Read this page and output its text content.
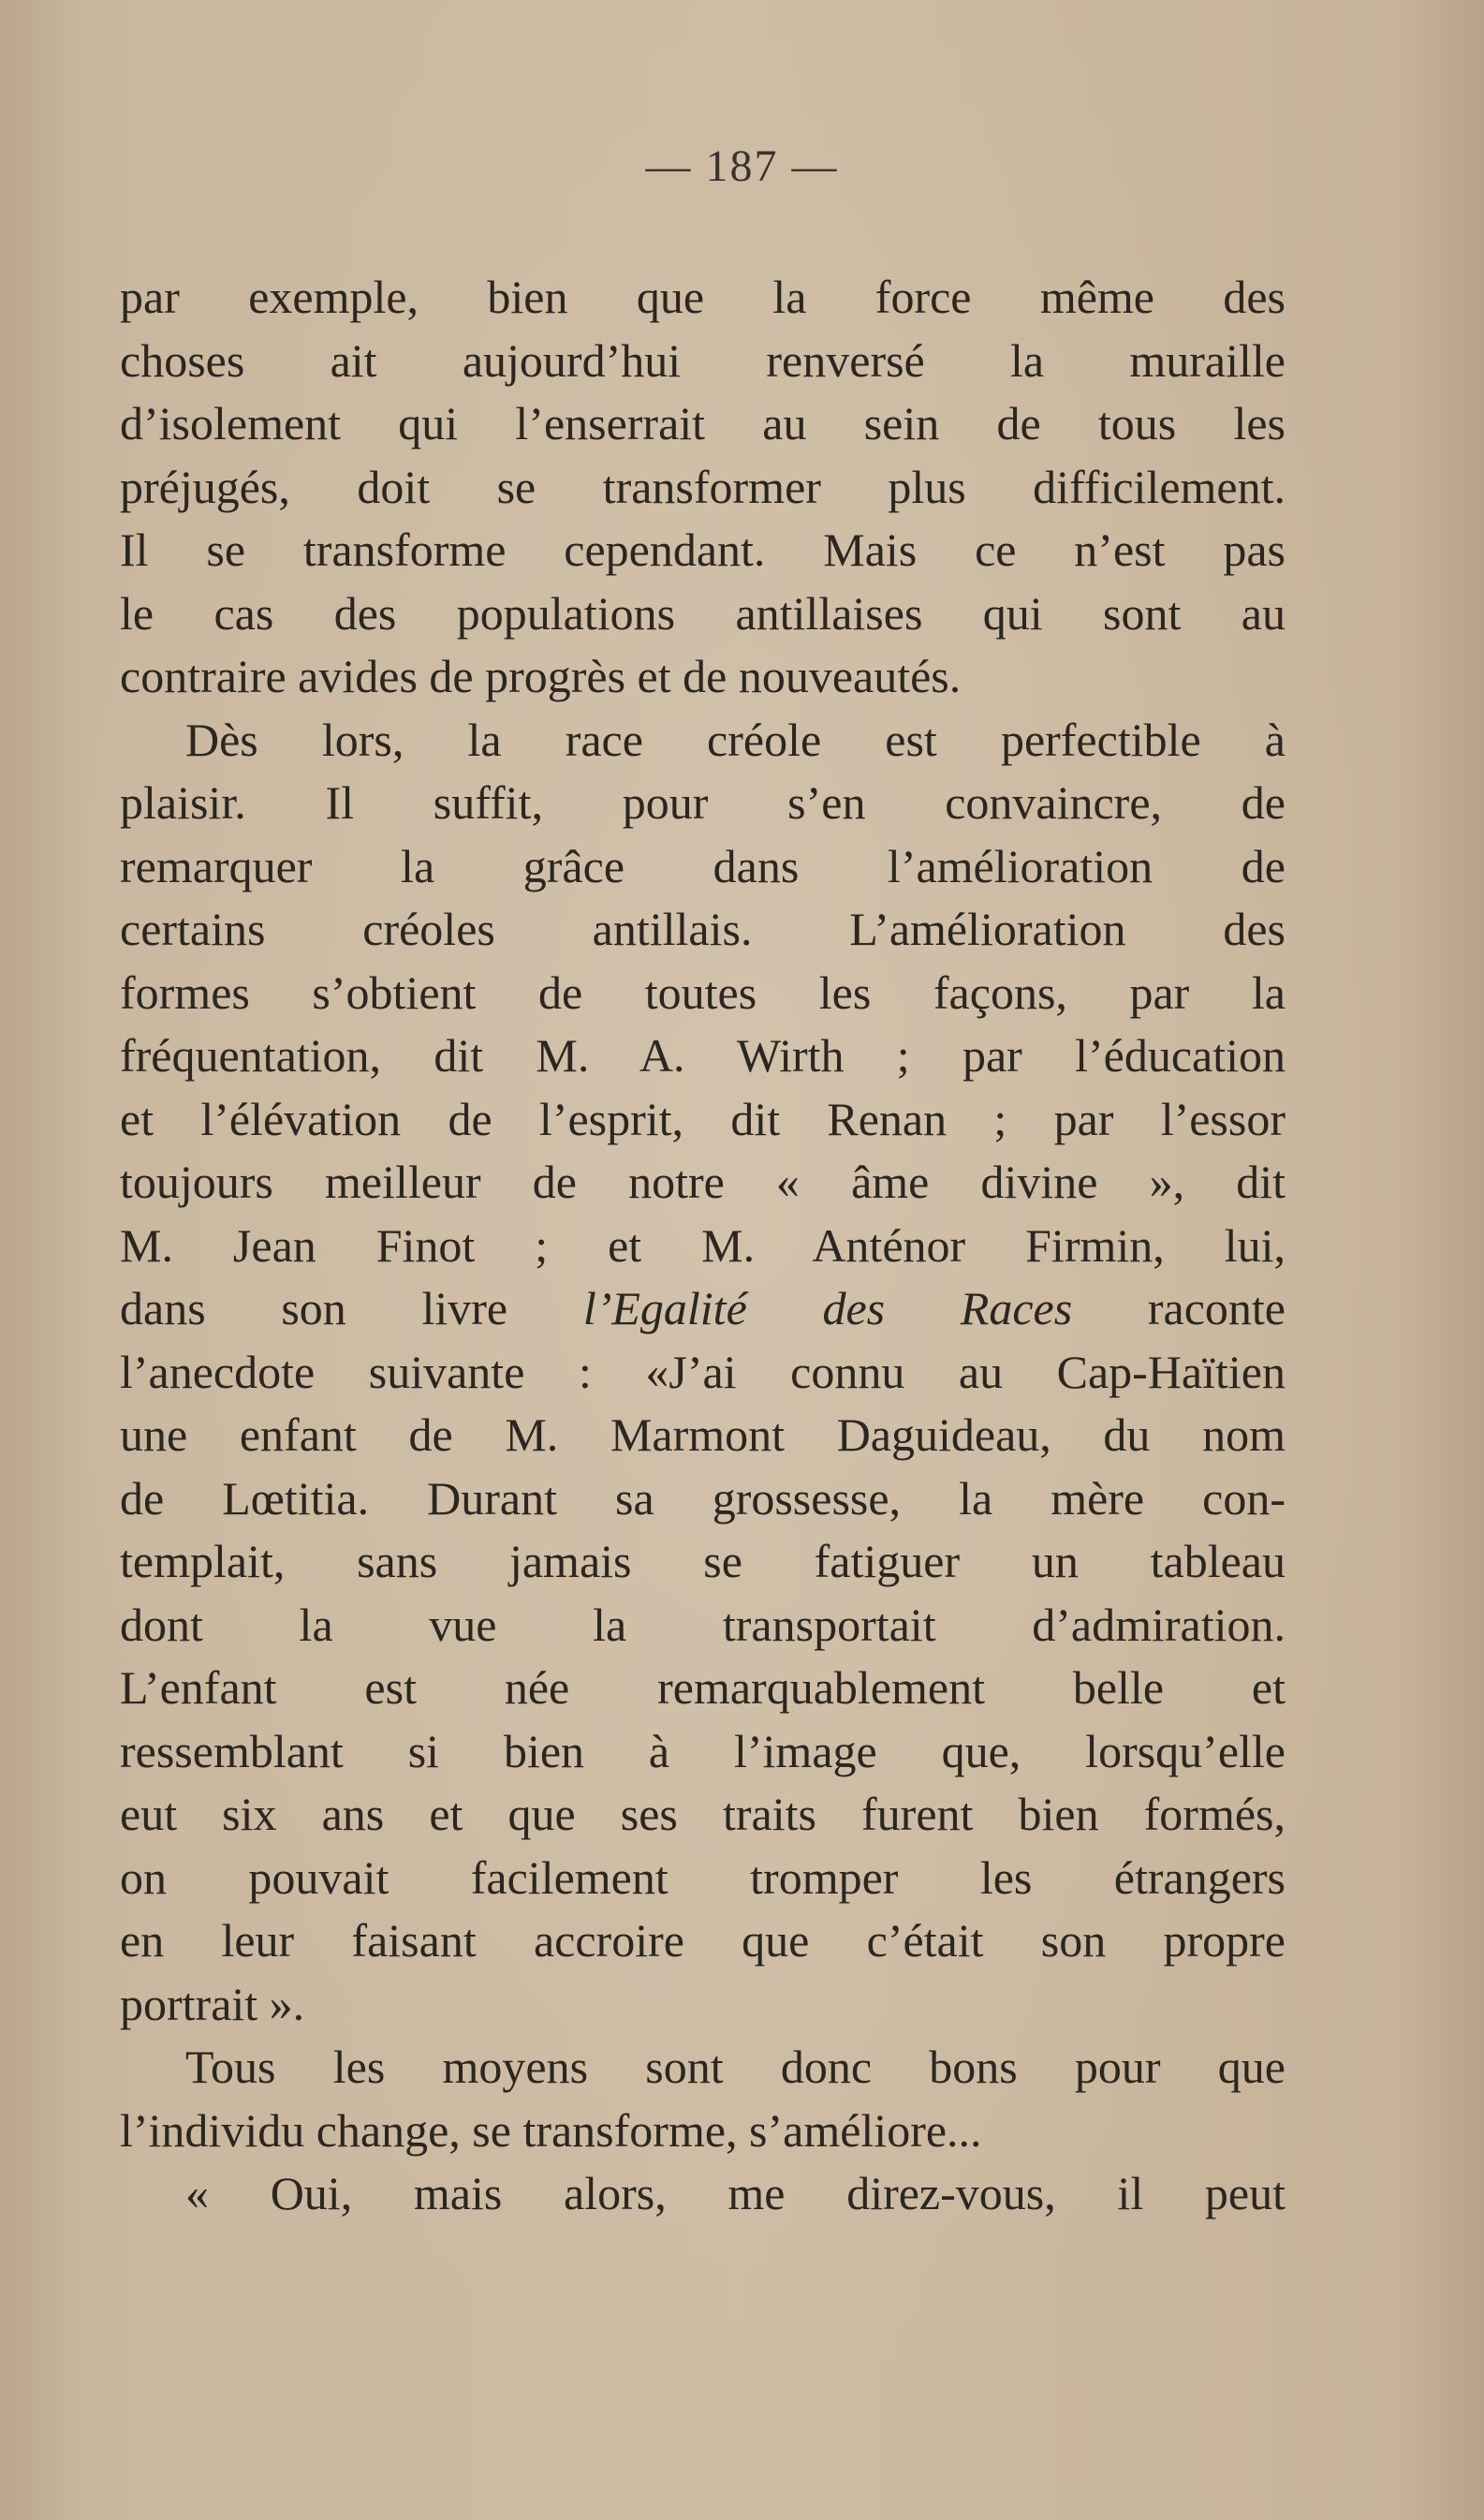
— 187 —
par exemple, bien que la force même des
choses ait aujourd’hui renversé la muraille
d’isolement qui l’enserrait au sein de tous les
préjugés, doit se transformer plus difficilement.
Il se transforme cependant. Mais ce n’est pas
le cas des populations antillaises qui sont au
contraire avides de progrès et de nouveautés.
Dès lors, la race créole est perfectible à
plaisir. Il suffit, pour s’en convaincre, de
remarquer la grâce dans l’amélioration de
certains créoles antillais. L’amélioration des
formes s’obtient de toutes les façons, par la
fréquentation, dit M. A. Wirth ; par l’éducation
et l’élévation de l’esprit, dit Renan ; par l’essor
toujours meilleur de notre « âme divine », dit
M. Jean Finot ; et M. Anténor Firmin, lui,
dans son livre l’Egalité des Races raconte
l’anecdote suivante : «J’ai connu au Cap-Haïtien
une enfant de M. Marmont Daguideau, du nom
de Lœtitia. Durant sa grossesse, la mère con-
templait, sans jamais se fatiguer un tableau
dont la vue la transportait d’admiration.
L’enfant est née remarquablement belle et
ressemblant si bien à l’image que, lorsqu’elle
eut six ans et que ses traits furent bien formés,
on pouvait facilement tromper les étrangers
en leur faisant accroire que c’était son propre
portrait ».
Tous les moyens sont donc bons pour que
l’individu change, se transforme, s’améliore...
« Oui, mais alors, me direz-vous, il peut
